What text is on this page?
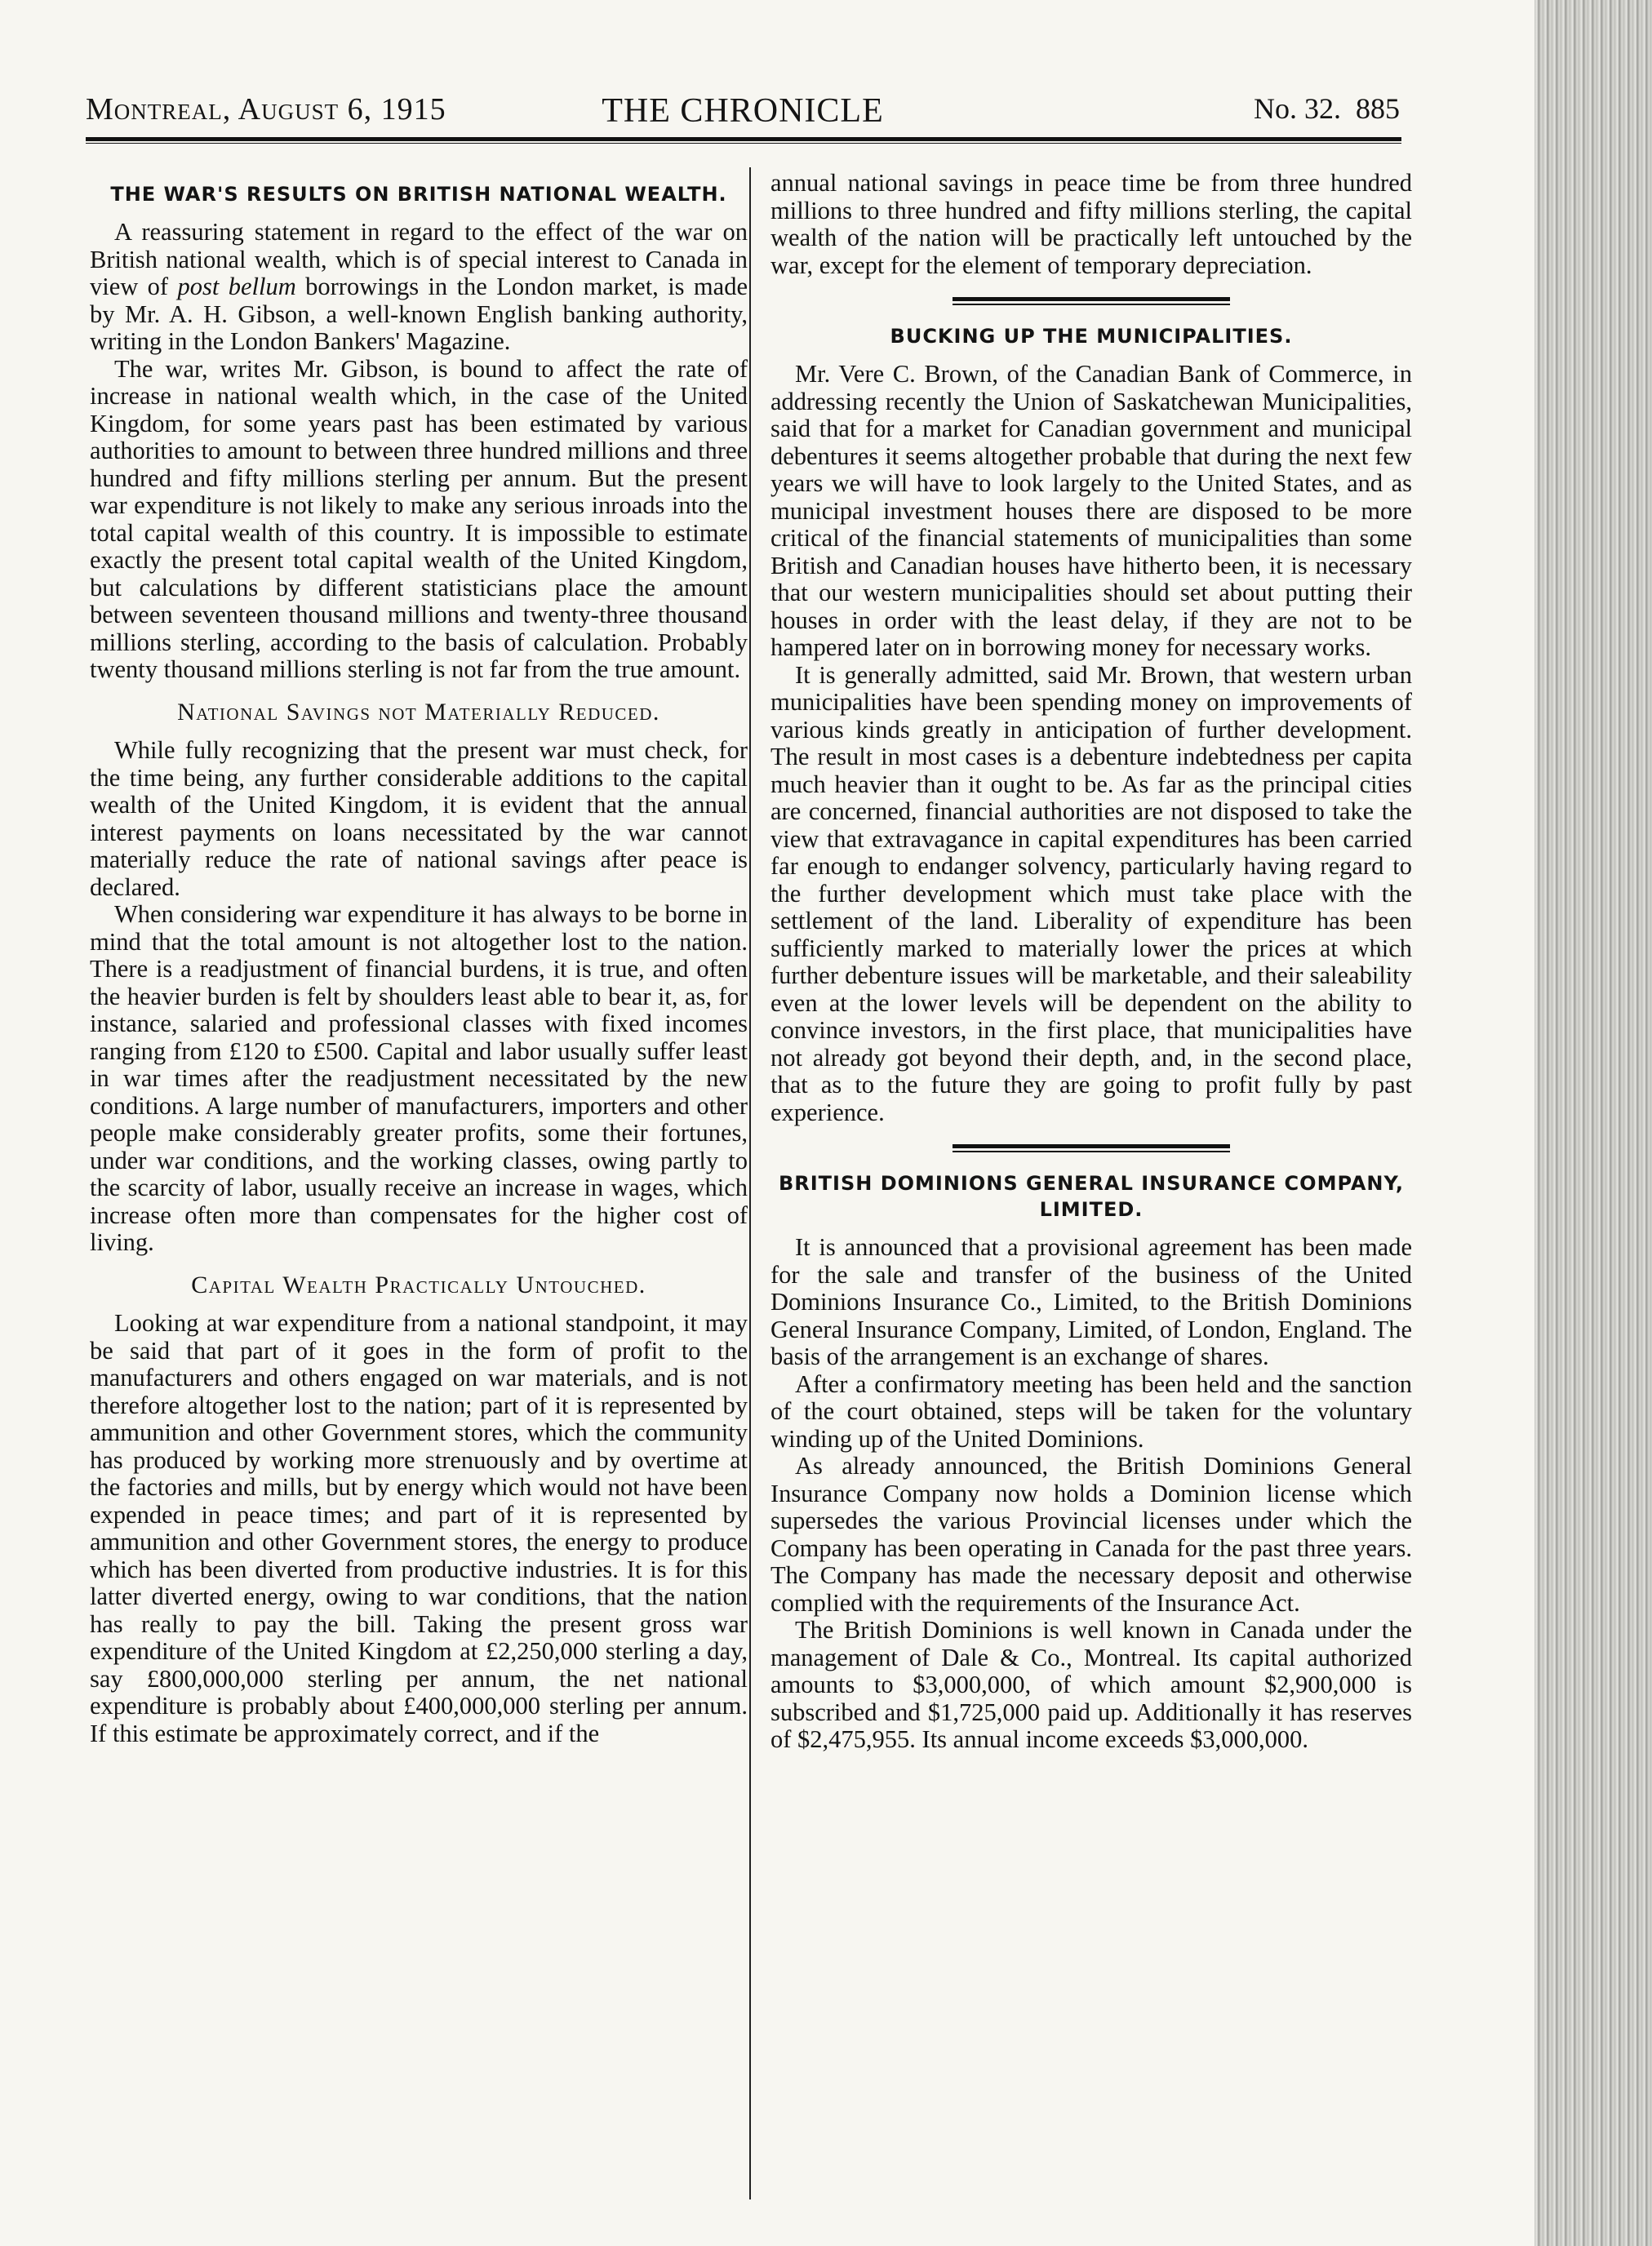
Montreal, August 6, 1915	THE CHRONICLE	No. 32. 885
THE WAR'S RESULTS ON BRITISH NATIONAL WEALTH.

A reassuring statement in regard to the effect of the war on British national wealth, which is of special interest to Canada in view of post bellum borrowings in the London market, is made by Mr. A. H. Gibson, a well-known English banking authority, writing in the London Bankers' Magazine.

The war, writes Mr. Gibson, is bound to affect the rate of increase in national wealth which, in the case of the United Kingdom, for some years past has been estimated by various authorities to amount to between three hundred millions and three hundred and fifty millions sterling per annum. But the present war expenditure is not likely to make any serious inroads into the total capital wealth of this country. It is impossible to estimate exactly the present total capital wealth of the United Kingdom, but calculations by different statisticians place the amount between seventeen thousand millions and twenty-three thousand millions sterling, according to the basis of calculation. Probably twenty thousand millions sterling is not far from the true amount.

National Savings not Materially Reduced.

While fully recognizing that the present war must check, for the time being, any further considerable additions to the capital wealth of the United Kingdom, it is evident that the annual interest payments on loans necessitated by the war cannot materially reduce the rate of national savings after peace is declared.

When considering war expenditure it has always to be borne in mind that the total amount is not altogether lost to the nation. There is a readjustment of financial burdens, it is true, and often the heavier burden is felt by shoulders least able to bear it, as, for instance, salaried and professional classes with fixed incomes ranging from £120 to £500. Capital and labor usually suffer least in war times after the readjustment necessitated by the new conditions. A large number of manufacturers, importers and other people make considerably greater profits, some their fortunes, under war conditions, and the working classes, owing partly to the scarcity of labor, usually receive an increase in wages, which increase often more than compensates for the higher cost of living.

Capital Wealth Practically Untouched.

Looking at war expenditure from a national standpoint, it may be said that part of it goes in the form of profit to the manufacturers and others engaged on war materials, and is not therefore altogether lost to the nation; part of it is represented by ammunition and other Government stores, which the community has produced by working more strenuously and by overtime at the factories and mills, but by energy which would not have been expended in peace times; and part of it is represented by ammunition and other Government stores, the energy to produce which has been diverted from productive industries. It is for this latter diverted energy, owing to war conditions, that the nation has really to pay the bill. Taking the present gross war expenditure of the United Kingdom at £2,250,000 sterling a day, say £800,000,000 sterling per annum, the net national expenditure is probably about £400,000,000 sterling per annum. If this estimate be approximately correct, and if the

annual national savings in peace time be from three hundred millions to three hundred and fifty millions sterling, the capital wealth of the nation will be practically left untouched by the war, except for the element of temporary depreciation.

BUCKING UP THE MUNICIPALITIES.

Mr. Vere C. Brown, of the Canadian Bank of Commerce, in addressing recently the Union of Saskatchewan Municipalities, said that for a market for Canadian government and municipal debentures it seems altogether probable that during the next few years we will have to look largely to the United States, and as municipal investment houses there are disposed to be more critical of the financial statements of municipalities than some British and Canadian houses have hitherto been, it is necessary that our western municipalities should set about putting their houses in order with the least delay, if they are not to be hampered later on in borrowing money for necessary works.

It is generally admitted, said Mr. Brown, that western urban municipalities have been spending money on improvements of various kinds greatly in anticipation of further development. The result in most cases is a debenture indebtedness per capita much heavier than it ought to be. As far as the principal cities are concerned, financial authorities are not disposed to take the view that extravagance in capital expenditures has been carried far enough to endanger solvency, particularly having regard to the further development which must take place with the settlement of the land. Liberality of expenditure has been sufficiently marked to materially lower the prices at which further debenture issues will be marketable, and their saleability even at the lower levels will be dependent on the ability to convince investors, in the first place, that municipalities have not already got beyond their depth, and, in the second place, that as to the future they are going to profit fully by past experience.

BRITISH DOMINIONS GENERAL INSURANCE COMPANY, LIMITED.

It is announced that a provisional agreement has been made for the sale and transfer of the business of the United Dominions Insurance Co., Limited, to the British Dominions General Insurance Company, Limited, of London, England. The basis of the arrangement is an exchange of shares.

After a confirmatory meeting has been held and the sanction of the court obtained, steps will be taken for the voluntary winding up of the United Dominions.

As already announced, the British Dominions General Insurance Company now holds a Dominion license which supersedes the various Provincial licenses under which the Company has been operating in Canada for the past three years. The Company has made the necessary deposit and otherwise complied with the requirements of the Insurance Act.

The British Dominions is well known in Canada under the management of Dale & Co., Montreal. Its capital authorized amounts to $3,000,000, of which amount $2,900,000 is subscribed and $1,725,000 paid up. Additionally it has reserves of $2,475,955. Its annual income exceeds $3,000,000.
